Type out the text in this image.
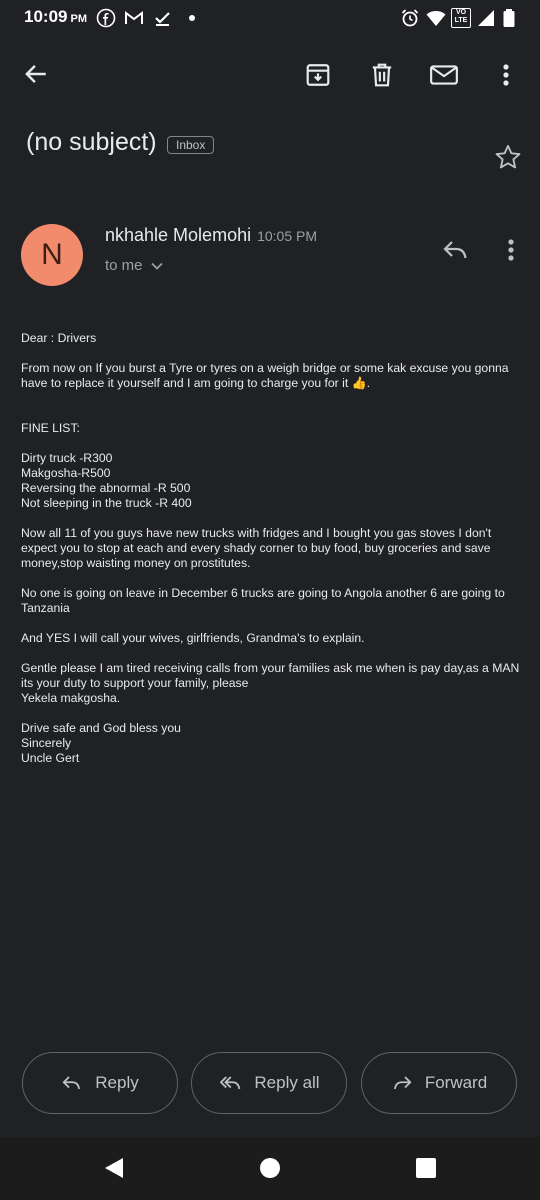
10:09 PM
VO
LTE
(no subject)	Inbox
N
nkhahle Molemohi 10:05 PM
to me

Dear : Drivers

From now on If you burst a Tyre or tyres on a weigh bridge or some kak excuse you gonna have to replace it yourself and I am going to charge you for it 👍.

FINE LIST:

Dirty truck -R300
Makgosha-R500
Reversing the abnormal -R 500
Not sleeping in the truck -R 400

Now all 11 of you guys have new trucks with fridges and I bought you gas stoves I don't expect you to stop at each and every shady corner to buy food, buy groceries and save money,stop waisting money on prostitutes.

No one is going on leave in December 6 trucks are going to Angola another 6 are going to Tanzania

And YES I will call your wives, girlfriends, Grandma's to explain.

Gentle please I am tired receiving calls from your families ask me when is pay day,as a MAN its your duty to support your family, please
Yekela makgosha.

Drive safe and God bless you
Sincerely
Uncle Gert

Reply	Reply all	Forward
